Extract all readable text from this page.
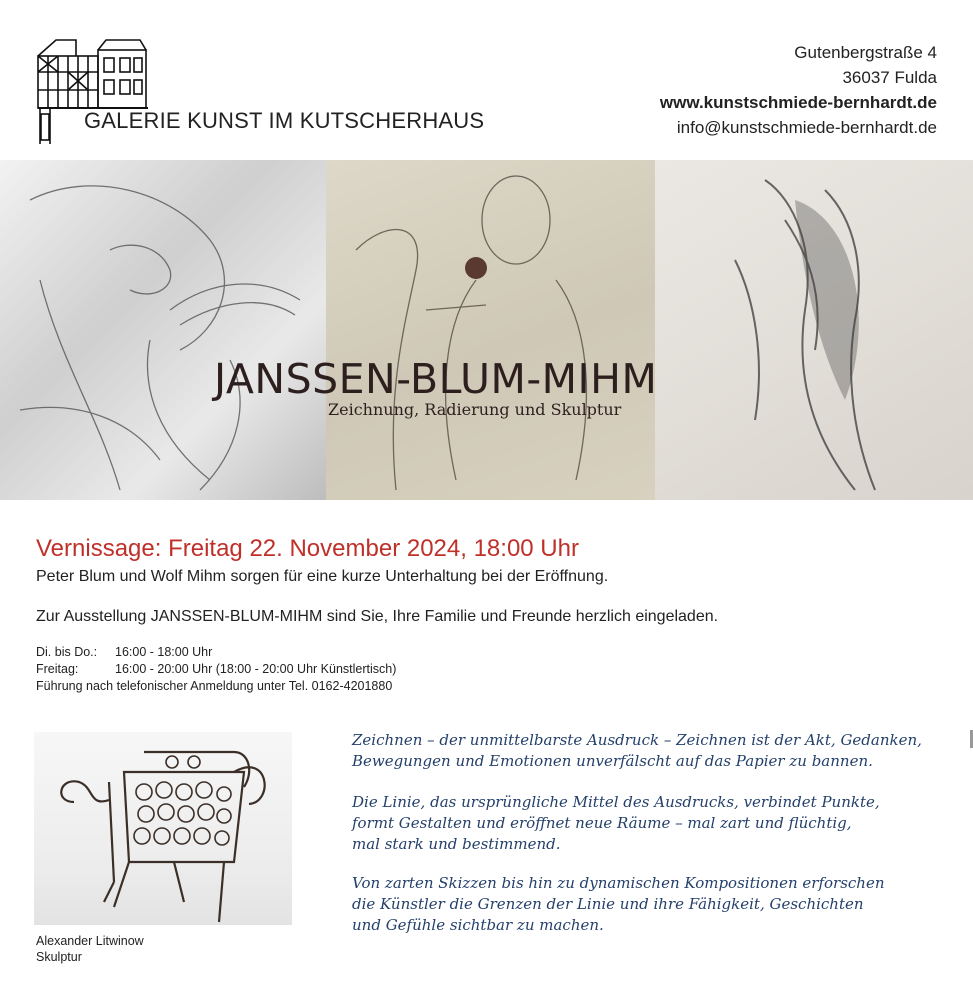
GALERIE KUNST IM KUTSCHERHAUS
Gutenbergstraße 4
36037 Fulda
www.kunstschmiede-bernhardt.de
info@kunstschmiede-bernhardt.de
JANSSEN-BLUM-MIHM
Zeichnung, Radierung und Skulptur
Vernissage: Freitag 22. November 2024, 18:00 Uhr
Peter Blum und Wolf Mihm sorgen für eine kurze Unterhaltung bei der Eröffnung.
Zur Ausstellung JANSSEN-BLUM-MIHM sind Sie, Ihre Familie und Freunde herzlich eingeladen.
Di. bis Do.: 16:00 - 18:00 Uhr
Freitag:	16:00 - 20:00 Uhr (18:00 - 20:00 Uhr Künstlertisch)
Führung nach telefonischer Anmeldung unter Tel. 0162-4201880
Alexander Litwinow
Skulptur
Zeichnen – der unmittelbarste Ausdruck – Zeichnen ist der Akt, Gedanken,
Bewegungen und Emotionen unverfälscht auf das Papier zu bannen.
Die Linie, das ursprüngliche Mittel des Ausdrucks, verbindet Punkte,
formt Gestalten und eröffnet neue Räume – mal zart und flüchtig,
mal stark und bestimmend.
Von zarten Skizzen bis hin zu dynamischen Kompositionen erforschen
die Künstler die Grenzen der Linie und ihre Fähigkeit, Geschichten
und Gefühle sichtbar zu machen.
